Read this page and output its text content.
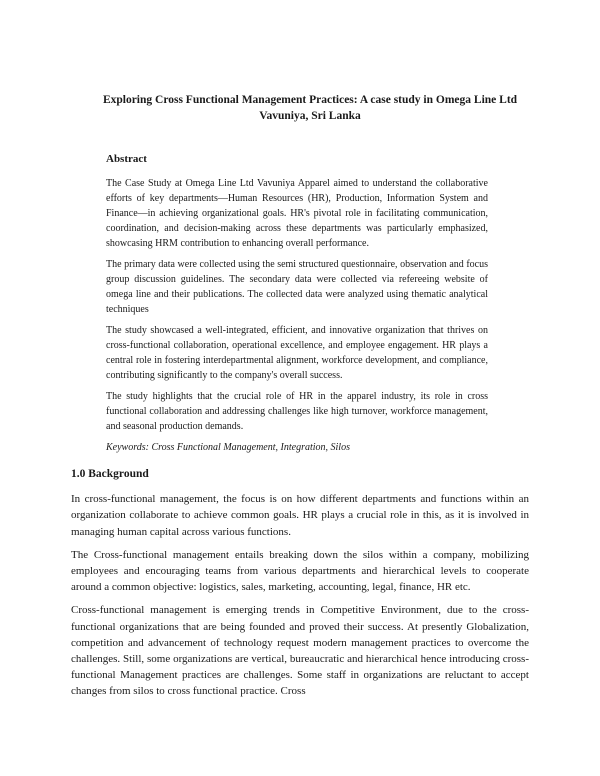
Exploring Cross Functional Management Practices: A case study in Omega Line Ltd
Vavuniya, Sri Lanka
Abstract

The Case Study at Omega Line Ltd Vavuniya Apparel aimed to understand the collaborative efforts of key departments—Human Resources (HR), Production, Information System and Finance—in achieving organizational goals. HR's pivotal role in facilitating communication, coordination, and decision-making across these departments was particularly emphasized, showcasing HRM contribution to enhancing overall performance.

The primary data were collected using the semi structured questionnaire, observation and focus group discussion guidelines. The secondary data were collected via refereeing website of omega line and their publications. The collected data were analyzed using thematic analytical techniques

The study showcased a well-integrated, efficient, and innovative organization that thrives on cross-functional collaboration, operational excellence, and employee engagement. HR plays a central role in fostering interdepartmental alignment, workforce development, and compliance, contributing significantly to the company's overall success.

The study highlights that the crucial role of HR in the apparel industry, its role in cross functional collaboration and addressing challenges like high turnover, workforce management, and seasonal production demands.

Keywords: Cross Functional Management, Integration, Silos

1.0 Background

In cross-functional management, the focus is on how different departments and functions within an organization collaborate to achieve common goals. HR plays a crucial role in this, as it is involved in managing human capital across various functions.

The Cross-functional management entails breaking down the silos within a company, mobilizing employees and encouraging teams from various departments and hierarchical levels to cooperate around a common objective: logistics, sales, marketing, accounting, legal, finance, HR etc.

Cross-functional management is emerging trends in Competitive Environment, due to the cross-functional organizations that are being founded and proved their success. At presently Globalization, competition and advancement of technology request modern management practices to overcome the challenges. Still, some organizations are vertical, bureaucratic and hierarchical hence introducing cross-functional Management practices are challenges. Some staff in organizations are reluctant to accept changes from silos to cross functional practice. Cross
